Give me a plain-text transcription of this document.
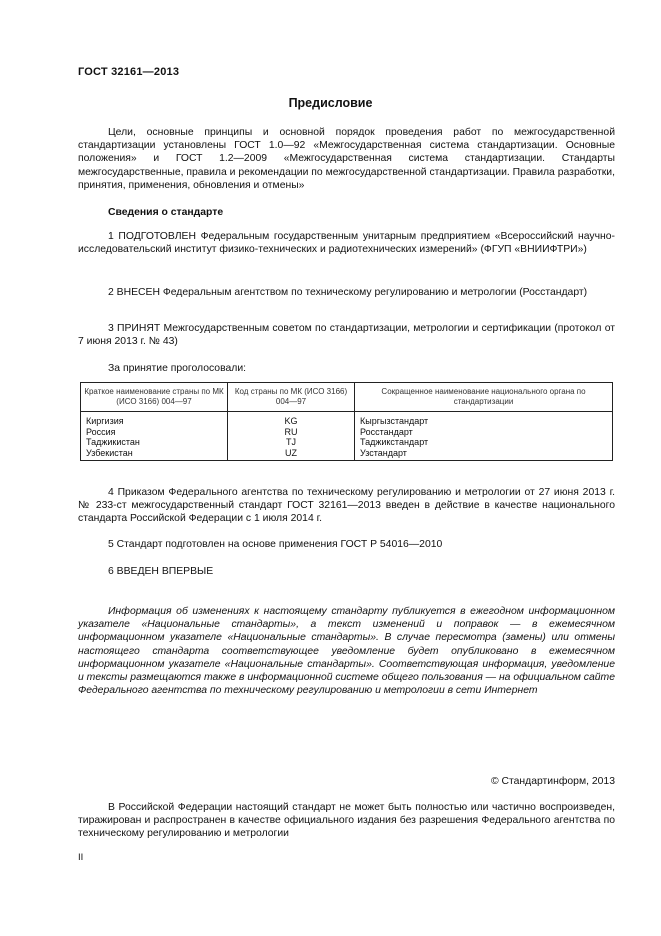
ГОСТ 32161—2013
Предисловие
Цели, основные принципы и основной порядок проведения работ по межгосударственной стандартизации установлены ГОСТ 1.0—92 «Межгосударственная система стандартизации. Основные положения» и ГОСТ 1.2—2009 «Межгосударственная система стандартизации. Стандарты межгосударственные, правила и рекомендации по межгосударственной стандартизации. Правила разработки, принятия, применения, обновления и отмены»
Сведения о стандарте
1 ПОДГОТОВЛЕН Федеральным государственным унитарным предприятием «Всероссийский научно-исследовательский институт физико-технических и радиотехнических измерений» (ФГУП «ВНИИФТРИ»)
2 ВНЕСЕН Федеральным агентством по техническому регулированию и метрологии (Росстандарт)
3 ПРИНЯТ Межгосударственным советом по стандартизации, метрологии и сертификации (протокол от 7 июня 2013 г. № 43)
За принятие проголосовали:
Краткое наименование страны по МК (ИСО 3166) 004—97	Код страны по МК (ИСО 3166) 004—97	Сокращенное наименование национального органа по стандартизации
Киргизия	KG	Кыргызстандарт
Россия	RU	Росстандарт
Таджикистан	TJ	Таджикстандарт
Узбекистан	UZ	Узстандарт
4 Приказом Федерального агентства по техническому регулированию и метрологии от 27 июня 2013 г. № 233-ст межгосударственный стандарт ГОСТ 32161—2013 введен в действие в качестве национального стандарта Российской Федерации с 1 июля 2014 г.
5 Стандарт подготовлен на основе применения ГОСТ Р 54016—2010
6 ВВЕДЕН ВПЕРВЫЕ
Информация об изменениях к настоящему стандарту публикуется в ежегодном информационном указателе «Национальные стандарты», а текст изменений и поправок — в ежемесячном информационном указателе «Национальные стандарты». В случае пересмотра (замены) или отмены настоящего стандарта соответствующее уведомление будет опубликовано в ежемесячном информационном указателе «Национальные стандарты». Соответствующая информация, уведомление и тексты размещаются также в информационной системе общего пользования — на официальном сайте Федерального агентства по техническому регулированию и метрологии в сети Интернет
© Стандартинформ, 2013
В Российской Федерации настоящий стандарт не может быть полностью или частично воспроизведен, тиражирован и распространен в качестве официального издания без разрешения Федерального агентства по техническому регулированию и метрологии
II
